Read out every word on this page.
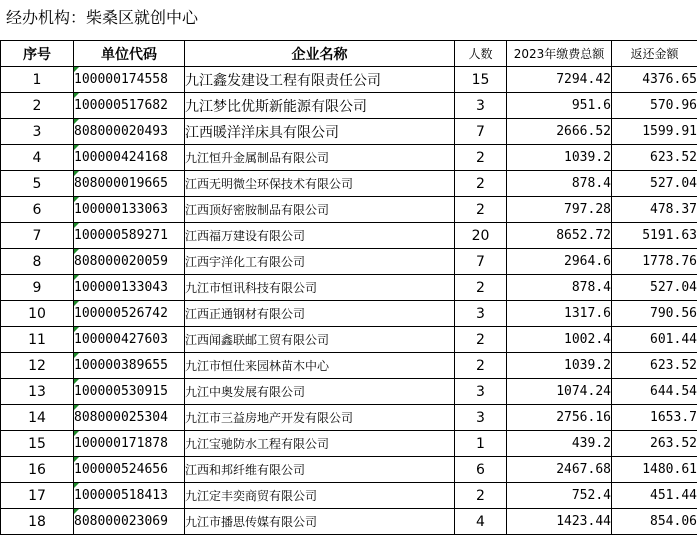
经办机构：柴桑区就创中心
序号	单位代码	企业名称	人数	2023年缴费总额	返还金额
1	100000174558	九江鑫发建设工程有限责任公司	15	7294.42	4376.65
2	100000517682	九江梦比优斯新能源有限公司	3	951.6	570.96
3	808000020493	江西暖洋洋床具有限公司	7	2666.52	1599.91
4	100000424168	九江恒升金属制品有限公司	2	1039.2	623.52
5	808000019665	江西无明微尘环保技术有限公司	2	878.4	527.04
6	100000133063	江西顶好密胺制品有限公司	2	797.28	478.37
7	100000589271	江西福万建设有限公司	20	8652.72	5191.63
8	808000020059	江西宇洋化工有限公司	7	2964.6	1778.76
9	100000133043	九江市恒讯科技有限公司	2	878.4	527.04
10	100000526742	江西正通钢材有限公司	3	1317.6	790.56
11	100000427603	江西闻鑫联邮工贸有限公司	2	1002.4	601.44
12	100000389655	九江市恒仕来园林苗木中心	2	1039.2	623.52
13	100000530915	九江中奥发展有限公司	3	1074.24	644.54
14	808000025304	九江市三益房地产开发有限公司	3	2756.16	1653.7
15	100000171878	九江宝驰防水工程有限公司	1	439.2	263.52
16	100000524656	江西和邦纤维有限公司	6	2467.68	1480.61
17	100000518413	九江定丰奕商贸有限公司	2	752.4	451.44
18	808000023069	九江市播思传媒有限公司	4	1423.44	854.06
